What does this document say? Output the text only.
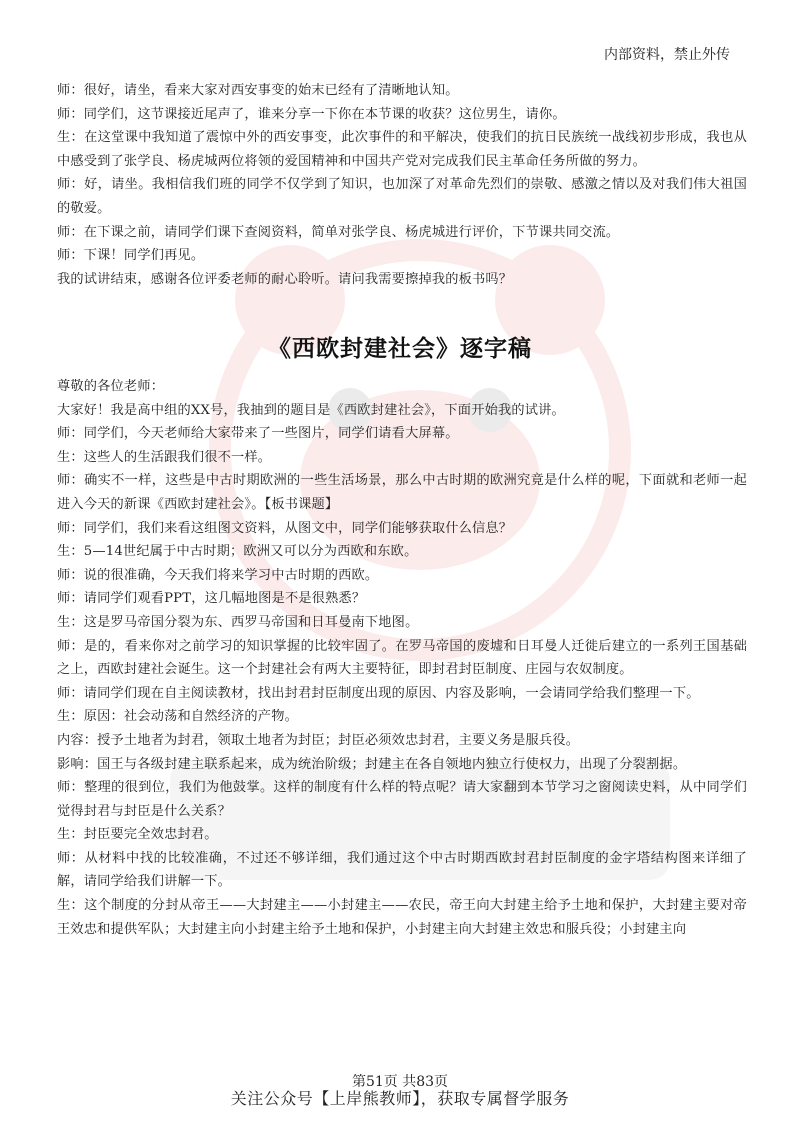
内部资料，禁止外传

师：很好，请坐，看来大家对西安事变的始末已经有了清晰地认知。

师：同学们，这节课接近尾声了，谁来分享一下你在本节课的收获？这位男生，请你。

生：在这堂课中我知道了震惊中外的西安事变，此次事件的和平解决，使我们的抗日民族统一战线初步形成，我也从中感受到了张学良、杨虎城两位将领的爱国精神和中国共产党对完成我们民主革命任务所做的努力。

师：好，请坐。我相信我们班的同学不仅学到了知识，也加深了对革命先烈们的崇敬、感激之情以及对我们伟大祖国的敬爱。

师：在下课之前，请同学们课下查阅资料，简单对张学良、杨虎城进行评价，下节课共同交流。

师：下课！同学们再见。

我的试讲结束，感谢各位评委老师的耐心聆听。请问我需要擦掉我的板书吗？

《西欧封建社会》逐字稿

尊敬的各位老师：

大家好！我是高中组的XX号，我抽到的题目是《西欧封建社会》，下面开始我的试讲。

师：同学们，今天老师给大家带来了一些图片，同学们请看大屏幕。

生：这些人的生活跟我们很不一样。

师：确实不一样，这些是中古时期欧洲的一些生活场景，那么中古时期的欧洲究竟是什么样的呢，下面就和老师一起进入今天的新课《西欧封建社会》。【板书课题】

师：同学们，我们来看这组图文资料，从图文中，同学们能够获取什么信息？

生：5—14世纪属于中古时期；欧洲又可以分为西欧和东欧。

师：说的很准确，今天我们将来学习中古时期的西欧。

师：请同学们观看PPT，这几幅地图是不是很熟悉？

生：这是罗马帝国分裂为东、西罗马帝国和日耳曼南下地图。

师：是的，看来你对之前学习的知识掌握的比较牢固了。在罗马帝国的废墟和日耳曼人迁徙后建立的一系列王国基础之上，西欧封建社会诞生。这一个封建社会有两大主要特征，即封君封臣制度、庄园与农奴制度。

师：请同学们现在自主阅读教材，找出封君封臣制度出现的原因、内容及影响，一会请同学给我们整理一下。

生：原因：社会动荡和自然经济的产物。

内容：授予土地者为封君，领取土地者为封臣；封臣必须效忠封君，主要义务是服兵役。

影响：国王与各级封建主联系起来，成为统治阶级；封建主在各自领地内独立行使权力，出现了分裂割据。

师：整理的很到位，我们为他鼓掌。这样的制度有什么样的特点呢？请大家翻到本节学习之窗阅读史料，从中同学们觉得封君与封臣是什么关系？

生：封臣要完全效忠封君。

师：从材料中找的比较准确，不过还不够详细，我们通过这个中古时期西欧封君封臣制度的金字塔结构图来详细了解，请同学给我们讲解一下。

生：这个制度的分封从帝王——大封建主——小封建主——农民，帝王向大封建主给予土地和保护，大封建主要对帝王效忠和提供军队；大封建主向小封建主给予土地和保护，小封建主向大封建主效忠和服兵役；小封建主向

第51页 共83页
关注公众号【上岸熊教师】，获取专属督学服务
